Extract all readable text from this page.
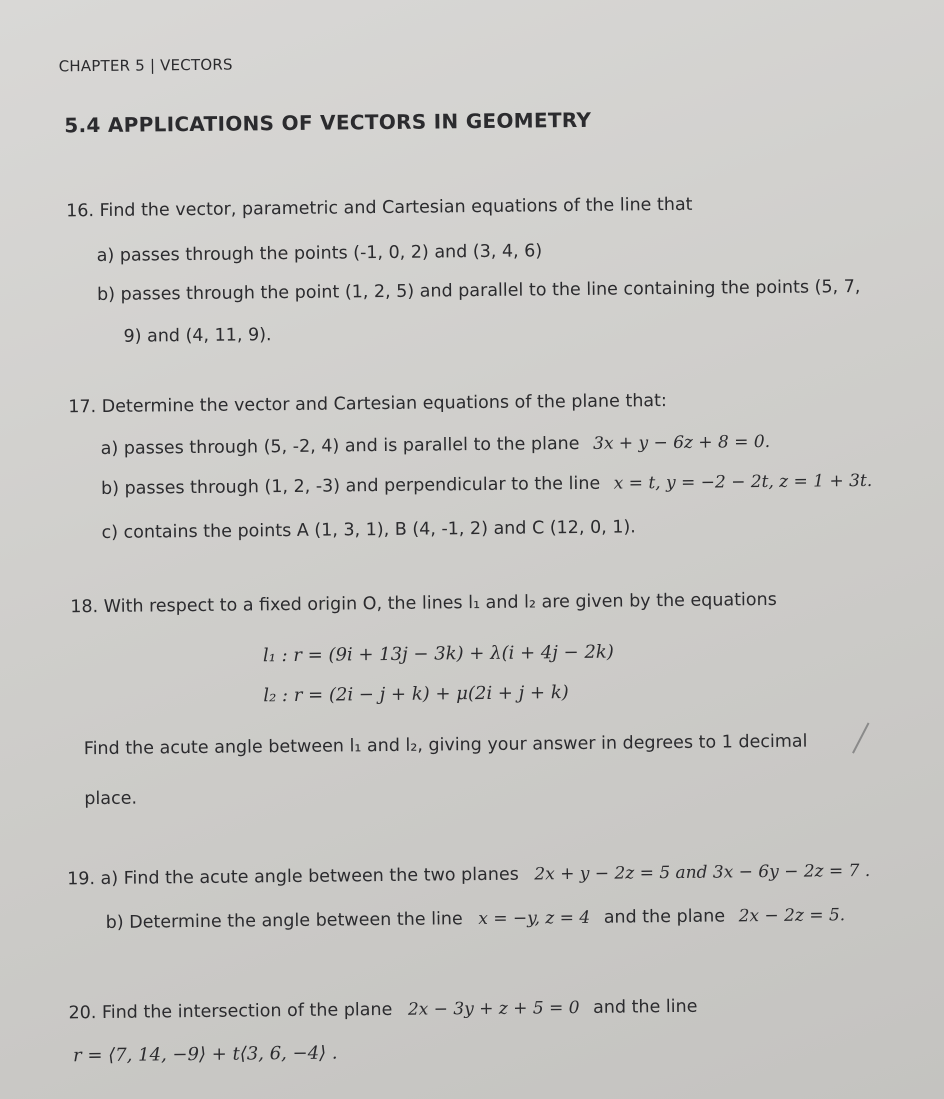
CHAPTER 5 | VECTORS
5.4 APPLICATIONS OF VECTORS IN GEOMETRY
16. Find the vector, parametric and Cartesian equations of the line that
a) passes through the points (-1, 0, 2) and (3, 4, 6)
b) passes through the point (1, 2, 5) and parallel to the line containing the points (5, 7,
9) and (4, 11, 9).
17. Determine the vector and Cartesian equations of the plane that:
a) passes through (5, -2, 4) and is parallel to the plane 3x + y − 6z + 8 = 0.
b) passes through (1, 2, -3) and perpendicular to the line x = t, y = −2 − 2t, z = 1 + 3t.
c) contains the points A (1, 3, 1), B (4, -1, 2) and C (12, 0, 1).
18. With respect to a fixed origin O, the lines l₁ and l₂ are given by the equations
l₁ : r = (9i + 13j − 3k) + λ(i + 4j − 2k)
l₂ : r = (2i − j + k) + μ(2i + j + k)
Find the acute angle between l₁ and l₂, giving your answer in degrees to 1 decimal
place.
19. a) Find the acute angle between the two planes 2x + y − 2z = 5 and 3x − 6y − 2z = 7 .
b) Determine the angle between the line x = −y, z = 4 and the plane 2x − 2z = 5.
20. Find the intersection of the plane 2x − 3y + z + 5 = 0 and the line
r = ⟨7, 14, −9⟩ + t⟨3, 6, −4⟩ .
